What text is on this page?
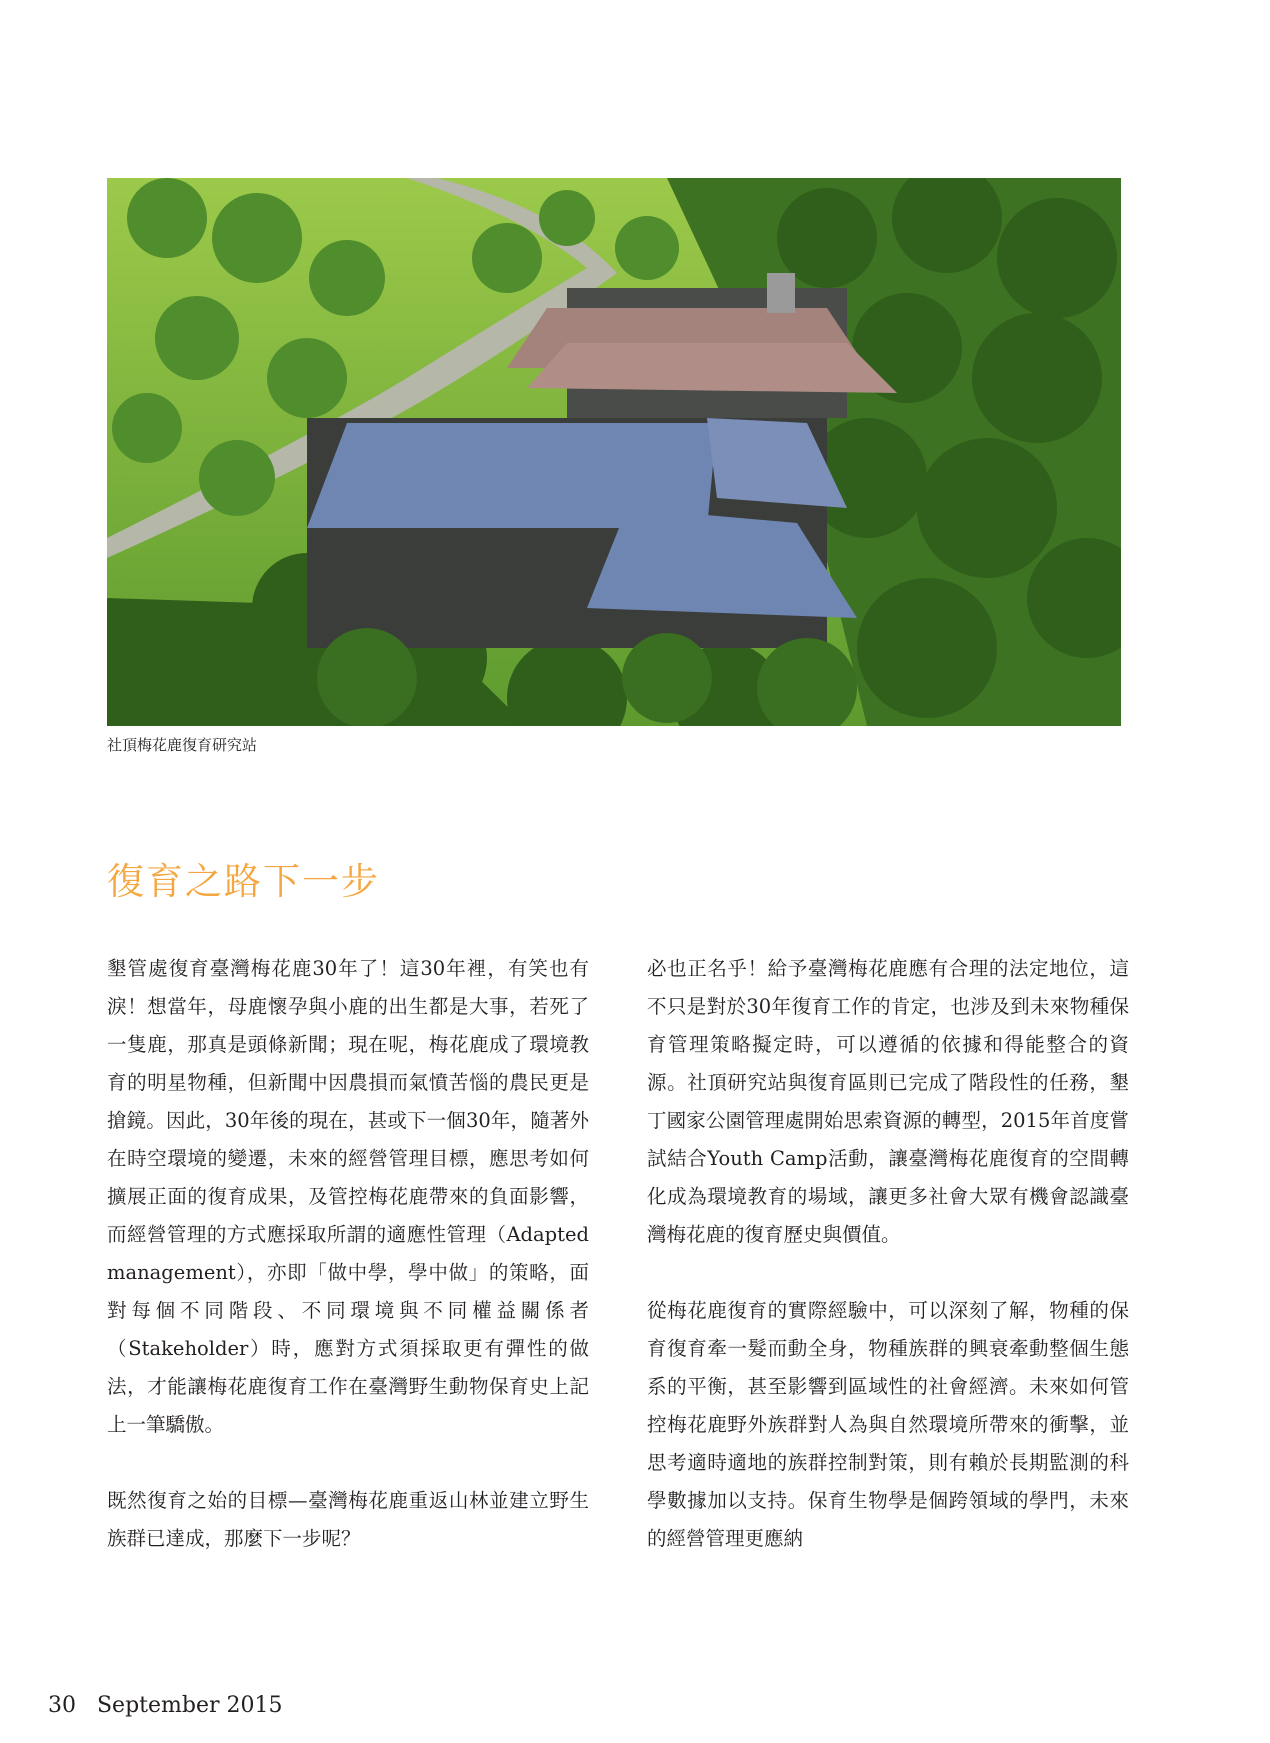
社頂梅花鹿復育研究站
復育之路下一步

墾管處復育臺灣梅花鹿30年了！這30年裡，有笑也有淚！想當年，母鹿懷孕與小鹿的出生都是大事，若死了一隻鹿，那真是頭條新聞；現在呢，梅花鹿成了環境教育的明星物種，但新聞中因農損而氣憤苦惱的農民更是搶鏡。因此，30年後的現在，甚或下一個30年，隨著外在時空環境的變遷，未來的經營管理目標，應思考如何擴展正面的復育成果，及管控梅花鹿帶來的負面影響，而經營管理的方式應採取所謂的適應性管理（Adapted management），亦即「做中學，學中做」的策略，面對每個不同階段、不同環境與不同權益關係者（Stakeholder）時，應對方式須採取更有彈性的做法，才能讓梅花鹿復育工作在臺灣野生動物保育史上記上一筆驕傲。

既然復育之始的目標—臺灣梅花鹿重返山林並建立野生族群已達成，那麼下一步呢？

必也正名乎！給予臺灣梅花鹿應有合理的法定地位，這不只是對於30年復育工作的肯定，也涉及到未來物種保育管理策略擬定時，可以遵循的依據和得能整合的資源。社頂研究站與復育區則已完成了階段性的任務，墾丁國家公園管理處開始思索資源的轉型，2015年首度嘗試結合Youth Camp活動，讓臺灣梅花鹿復育的空間轉化成為環境教育的場域，讓更多社會大眾有機會認識臺灣梅花鹿的復育歷史與價值。

從梅花鹿復育的實際經驗中，可以深刻了解，物種的保育復育牽一髮而動全身，物種族群的興衰牽動整個生態系的平衡，甚至影響到區域性的社會經濟。未來如何管控梅花鹿野外族群對人為與自然環境所帶來的衝擊，並思考適時適地的族群控制對策，則有賴於長期監測的科學數據加以支持。保育生物學是個跨領域的學門，未來的經營管理更應納

30 September 2015
